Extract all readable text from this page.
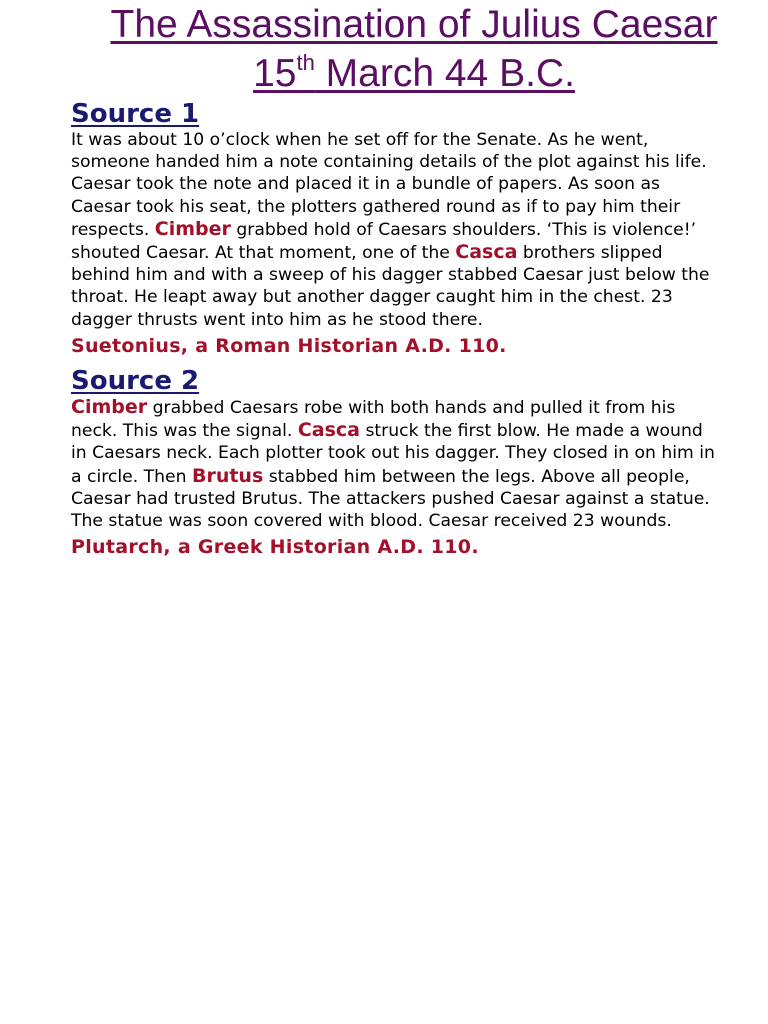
The Assassination of Julius Caesar
15th March 44 B.C.
Source 1

It was about 10 o’clock when he set off for the Senate. As he went, someone handed him a note containing details of the plot against his life. Caesar took the note and placed it in a bundle of papers. As soon as Caesar took his seat, the plotters gathered round as if to pay him their respects. Cimber grabbed hold of Caesars shoulders. ‘This is violence!’ shouted Caesar. At that moment, one of the Casca brothers slipped behind him and with a sweep of his dagger stabbed Caesar just below the throat. He leapt away but another dagger caught him in the chest. 23 dagger thrusts went into him as he stood there.

Suetonius, a Roman Historian A.D. 110.

Source 2

Cimber grabbed Caesars robe with both hands and pulled it from his neck. This was the signal. Casca struck the first blow. He made a wound in Caesars neck. Each plotter took out his dagger. They closed in on him in a circle. Then Brutus stabbed him between the legs. Above all people, Caesar had trusted Brutus. The attackers pushed Caesar against a statue. The statue was soon covered with blood. Caesar received 23 wounds.

Plutarch, a Greek Historian A.D. 110.
